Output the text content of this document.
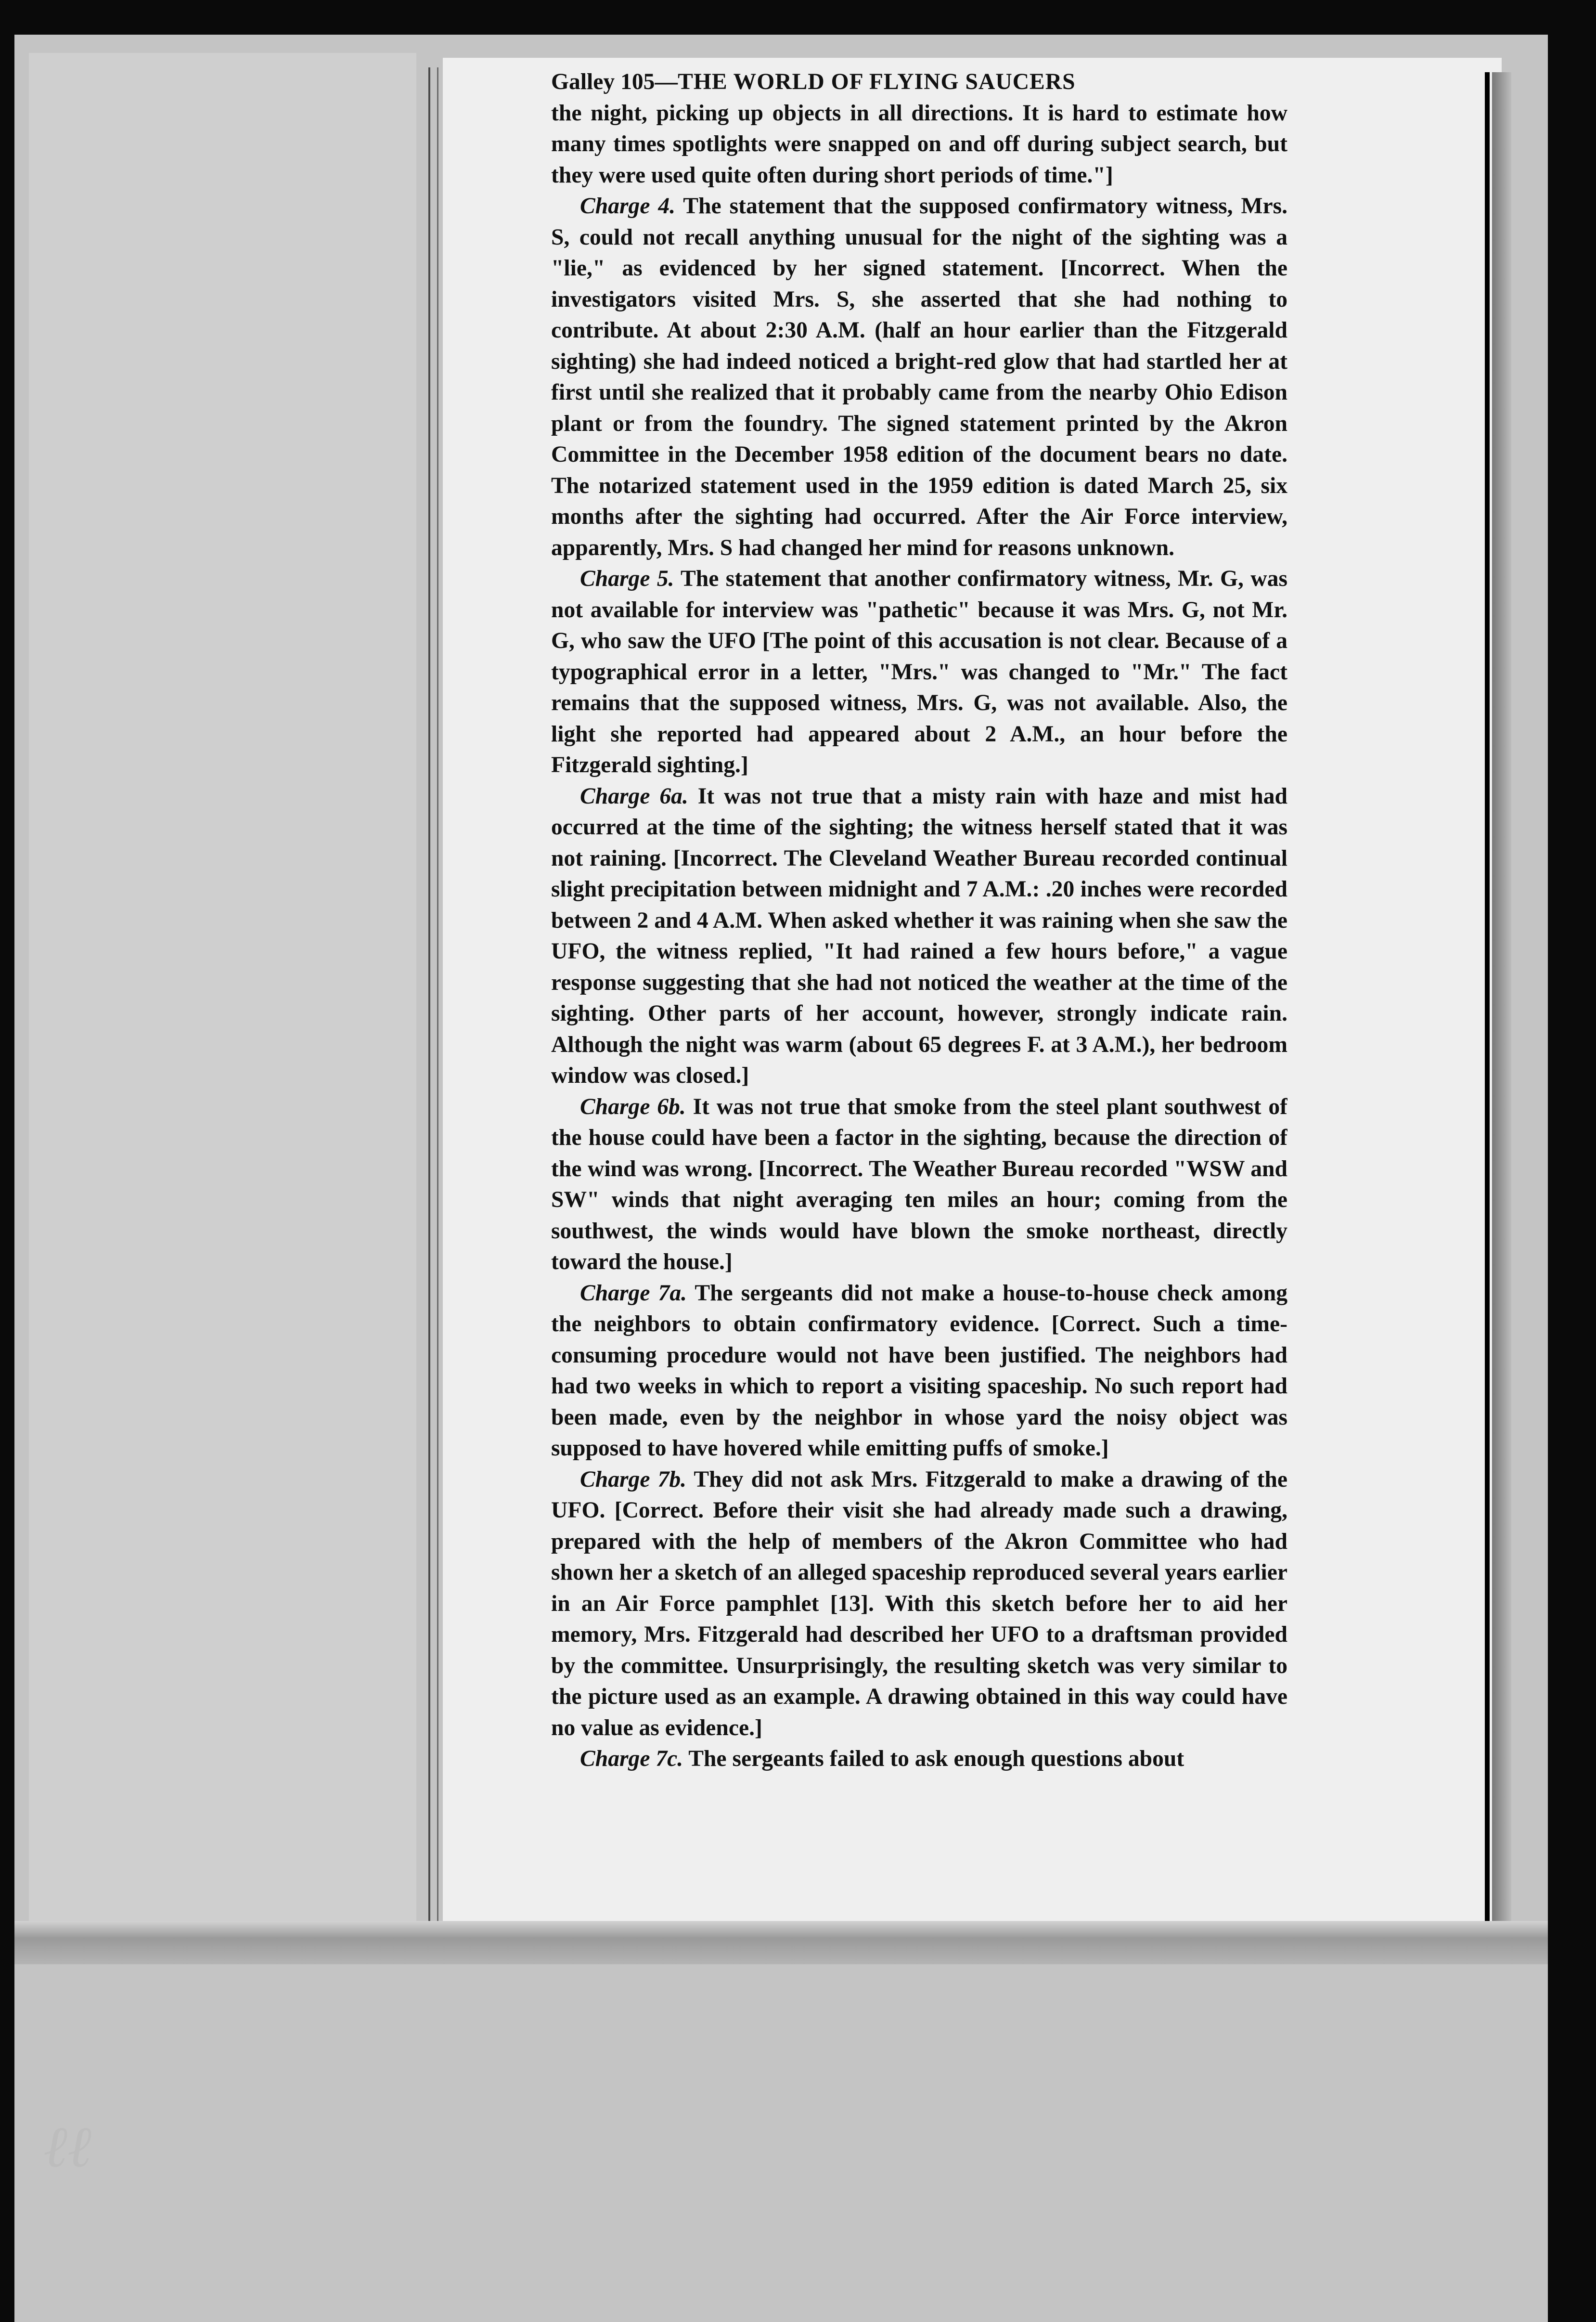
ℓℓ
Galley 105—THE WORLD OF FLYING SAUCERS

the night, picking up objects in all directions. It is hard to estimate how many times spotlights were snapped on and off during subject search, but they were used quite often during short periods of time."]

Charge 4. The statement that the supposed confirmatory witness, Mrs. S, could not recall anything unusual for the night of the sighting was a "lie," as evidenced by her signed statement. [Incorrect. When the investigators visited Mrs. S, she asserted that she had nothing to contribute. At about 2:30 A.M. (half an hour earlier than the Fitzgerald sighting) she had indeed noticed a bright-red glow that had startled her at first until she realized that it probably came from the nearby Ohio Edison plant or from the foundry. The signed statement printed by the Akron Committee in the December 1958 edition of the document bears no date. The notarized statement used in the 1959 edition is dated March 25, six months after the sighting had occurred. After the Air Force interview, apparently, Mrs. S had changed her mind for reasons unknown.

Charge 5. The statement that another confirmatory witness, Mr. G, was not available for interview was "pathetic" because it was Mrs. G, not Mr. G, who saw the UFO [The point of this accusation is not clear. Because of a typographical error in a letter, "Mrs." was changed to "Mr." The fact remains that the supposed witness, Mrs. G, was not available. Also, the light she reported had appeared about 2 A.M., an hour before the Fitzgerald sighting.]

Charge 6a. It was not true that a misty rain with haze and mist had occurred at the time of the sighting; the witness herself stated that it was not raining. [Incorrect. The Cleveland Weather Bureau recorded continual slight precipitation between midnight and 7 A.M.: .20 inches were recorded between 2 and 4 A.M. When asked whether it was raining when she saw the UFO, the witness replied, "It had rained a few hours before," a vague response suggesting that she had not noticed the weather at the time of the sighting. Other parts of her account, however, strongly indicate rain. Although the night was warm (about 65 degrees F. at 3 A.M.), her bedroom window was closed.]

Charge 6b. It was not true that smoke from the steel plant southwest of the house could have been a factor in the sighting, because the direction of the wind was wrong. [Incorrect. The Weather Bureau recorded "WSW and SW" winds that night averaging ten miles an hour; coming from the southwest, the winds would have blown the smoke northeast, directly toward the house.]

Charge 7a. The sergeants did not make a house-to-house check among the neighbors to obtain confirmatory evidence. [Correct. Such a time-consuming procedure would not have been justified. The neighbors had had two weeks in which to report a visiting spaceship. No such report had been made, even by the neighbor in whose yard the noisy object was supposed to have hovered while emitting puffs of smoke.]

Charge 7b. They did not ask Mrs. Fitzgerald to make a drawing of the UFO. [Correct. Before their visit she had already made such a drawing, prepared with the help of members of the Akron Committee who had shown her a sketch of an alleged spaceship reproduced several years earlier in an Air Force pamphlet [13]. With this sketch before her to aid her memory, Mrs. Fitzgerald had described her UFO to a draftsman provided by the committee. Unsurprisingly, the resulting sketch was very similar to the picture used as an example. A drawing obtained in this way could have no value as evidence.]

Charge 7c. The sergeants failed to ask enough questions about
